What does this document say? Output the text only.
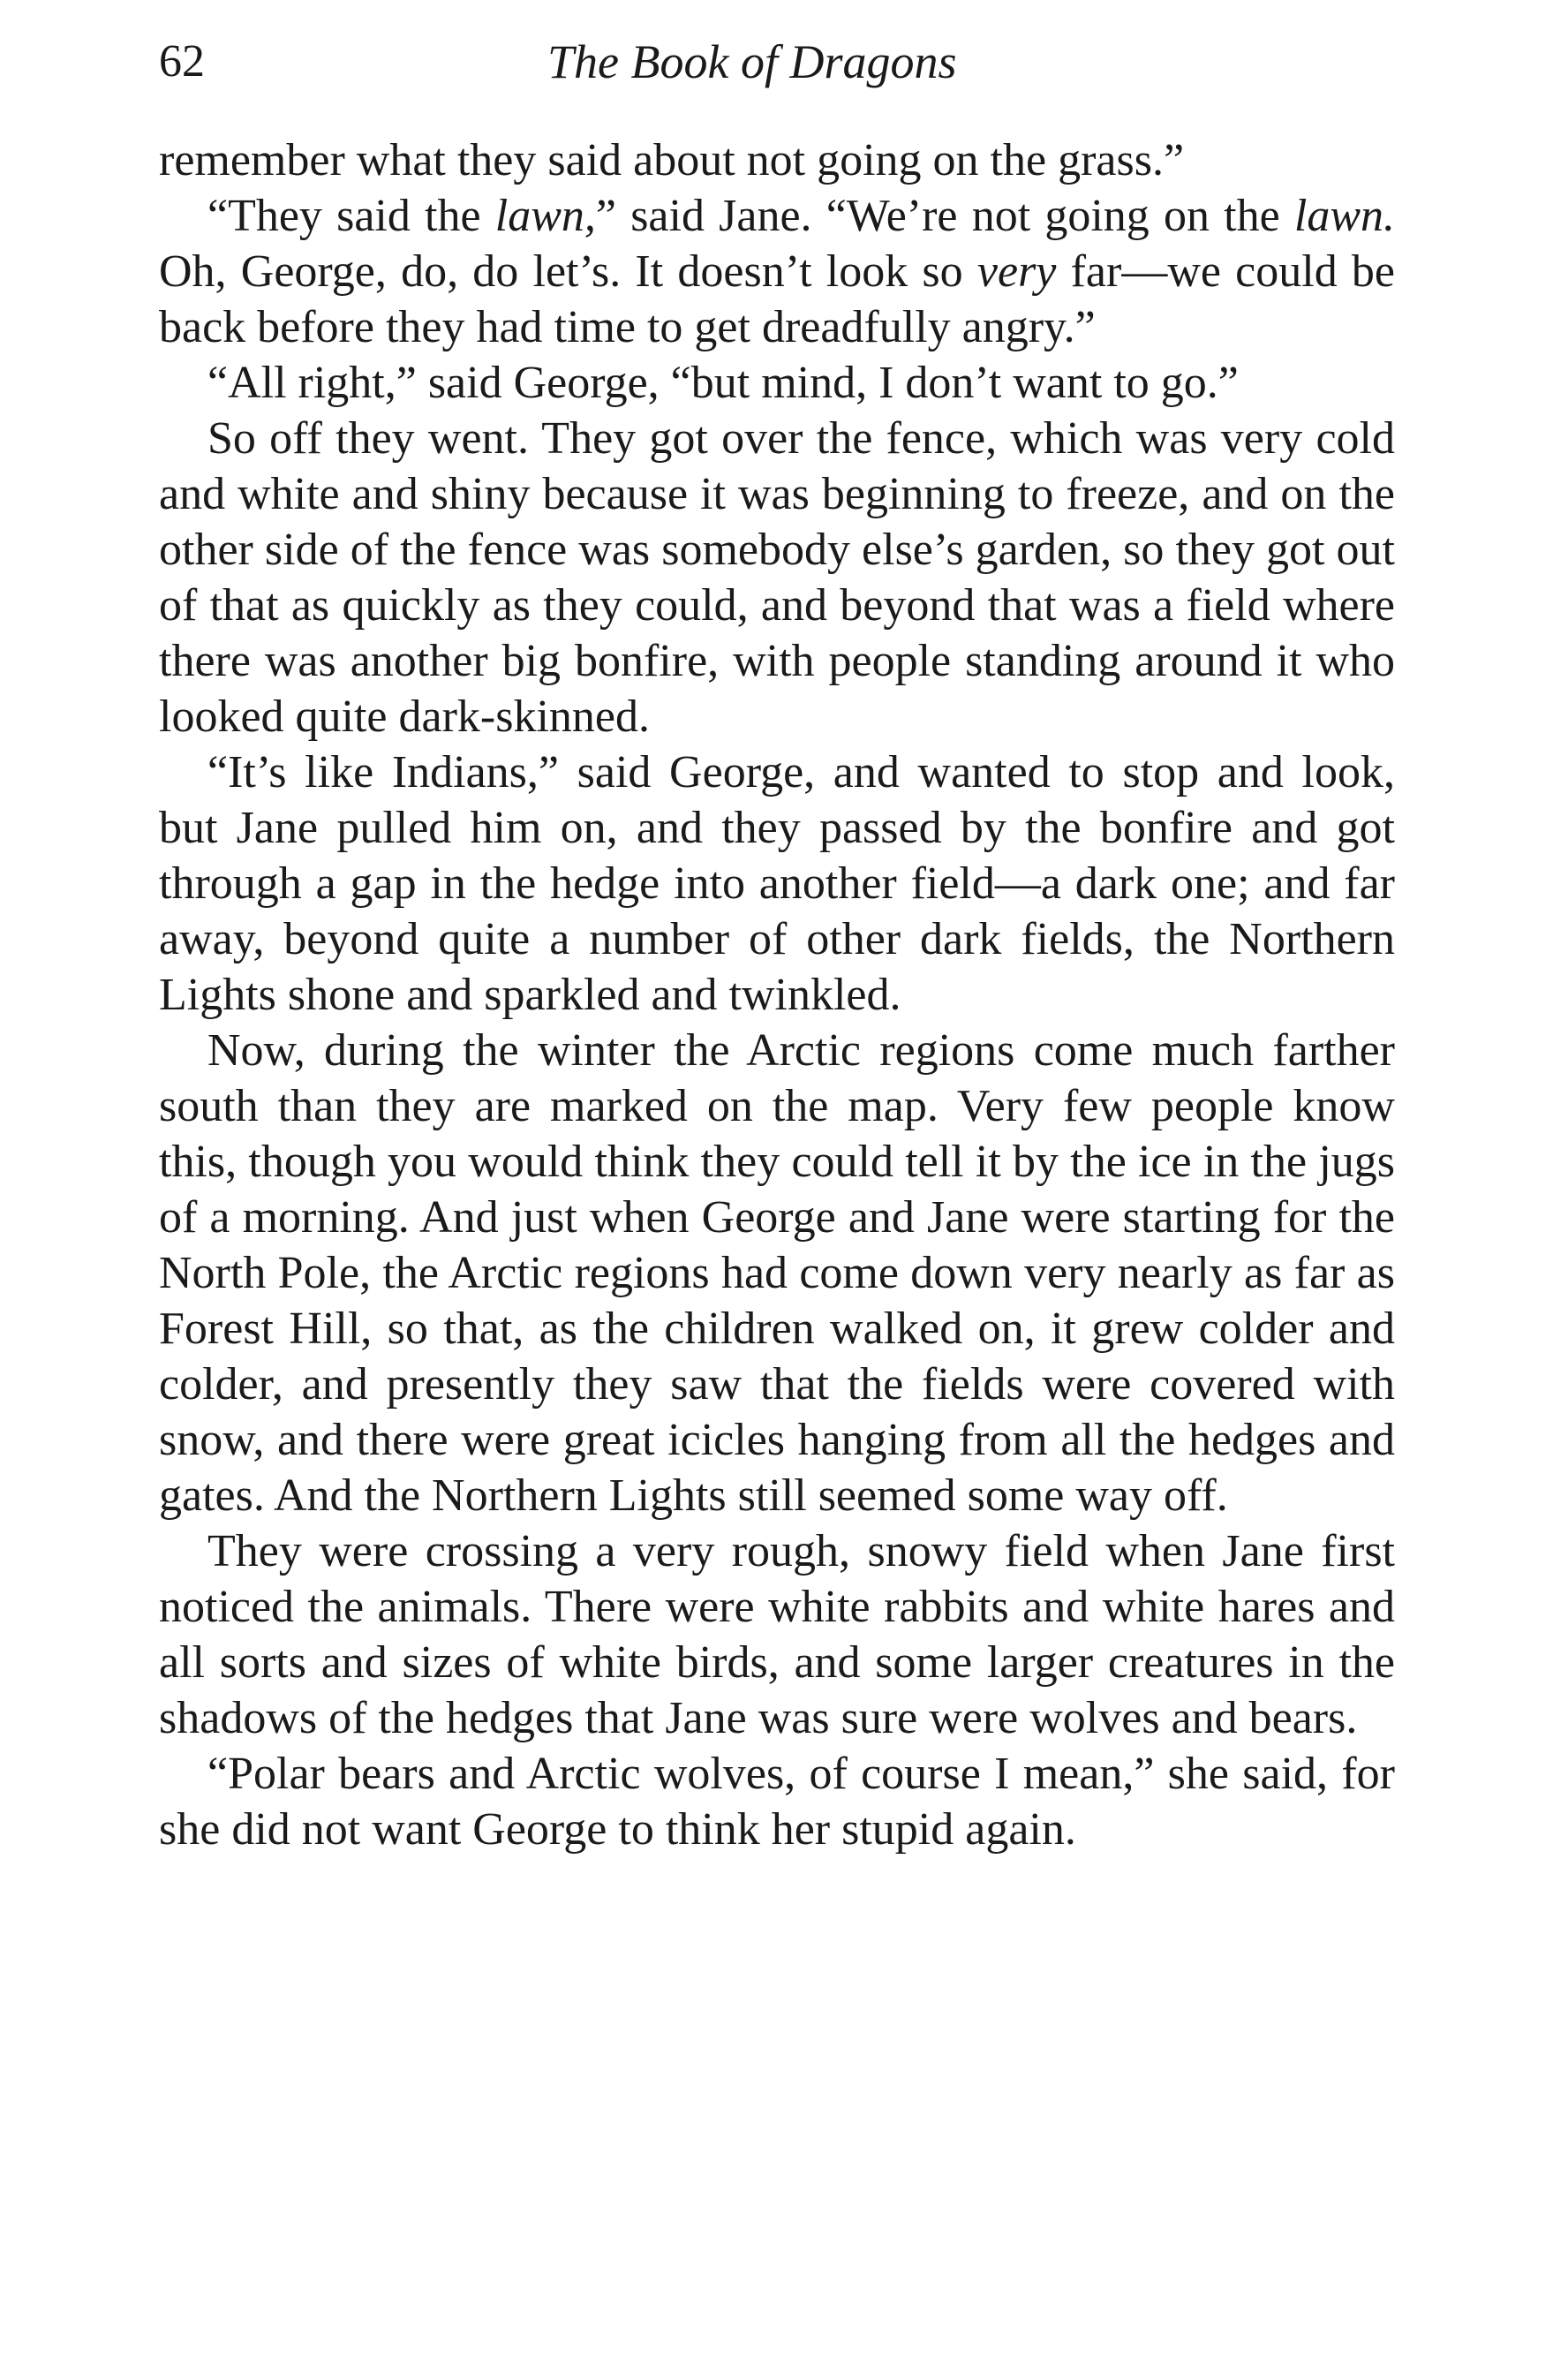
62	The Book of Dragons

remember what they said about not going on the grass.”

“They said the lawn,” said Jane. “We’re not going on the lawn. Oh, George, do, do let’s. It doesn’t look so very far—we could be back before they had time to get dreadfully angry.”

“All right,” said George, “but mind, I don’t want to go.”

So off they went. They got over the fence, which was very cold and white and shiny because it was beginning to freeze, and on the other side of the fence was somebody else’s garden, so they got out of that as quickly as they could, and beyond that was a field where there was another big bonfire, with people standing around it who looked quite dark-skinned.

“It’s like Indians,” said George, and wanted to stop and look, but Jane pulled him on, and they passed by the bonfire and got through a gap in the hedge into another field—a dark one; and far away, beyond quite a number of other dark fields, the Northern Lights shone and sparkled and twinkled.

Now, during the winter the Arctic regions come much farther south than they are marked on the map. Very few people know this, though you would think they could tell it by the ice in the jugs of a morning. And just when George and Jane were starting for the North Pole, the Arctic regions had come down very nearly as far as Forest Hill, so that, as the children walked on, it grew colder and colder, and presently they saw that the fields were covered with snow, and there were great icicles hanging from all the hedges and gates. And the Northern Lights still seemed some way off.

They were crossing a very rough, snowy field when Jane first noticed the animals. There were white rabbits and white hares and all sorts and sizes of white birds, and some larger creatures in the shadows of the hedges that Jane was sure were wolves and bears.

“Polar bears and Arctic wolves, of course I mean,” she said, for she did not want George to think her stupid again.
